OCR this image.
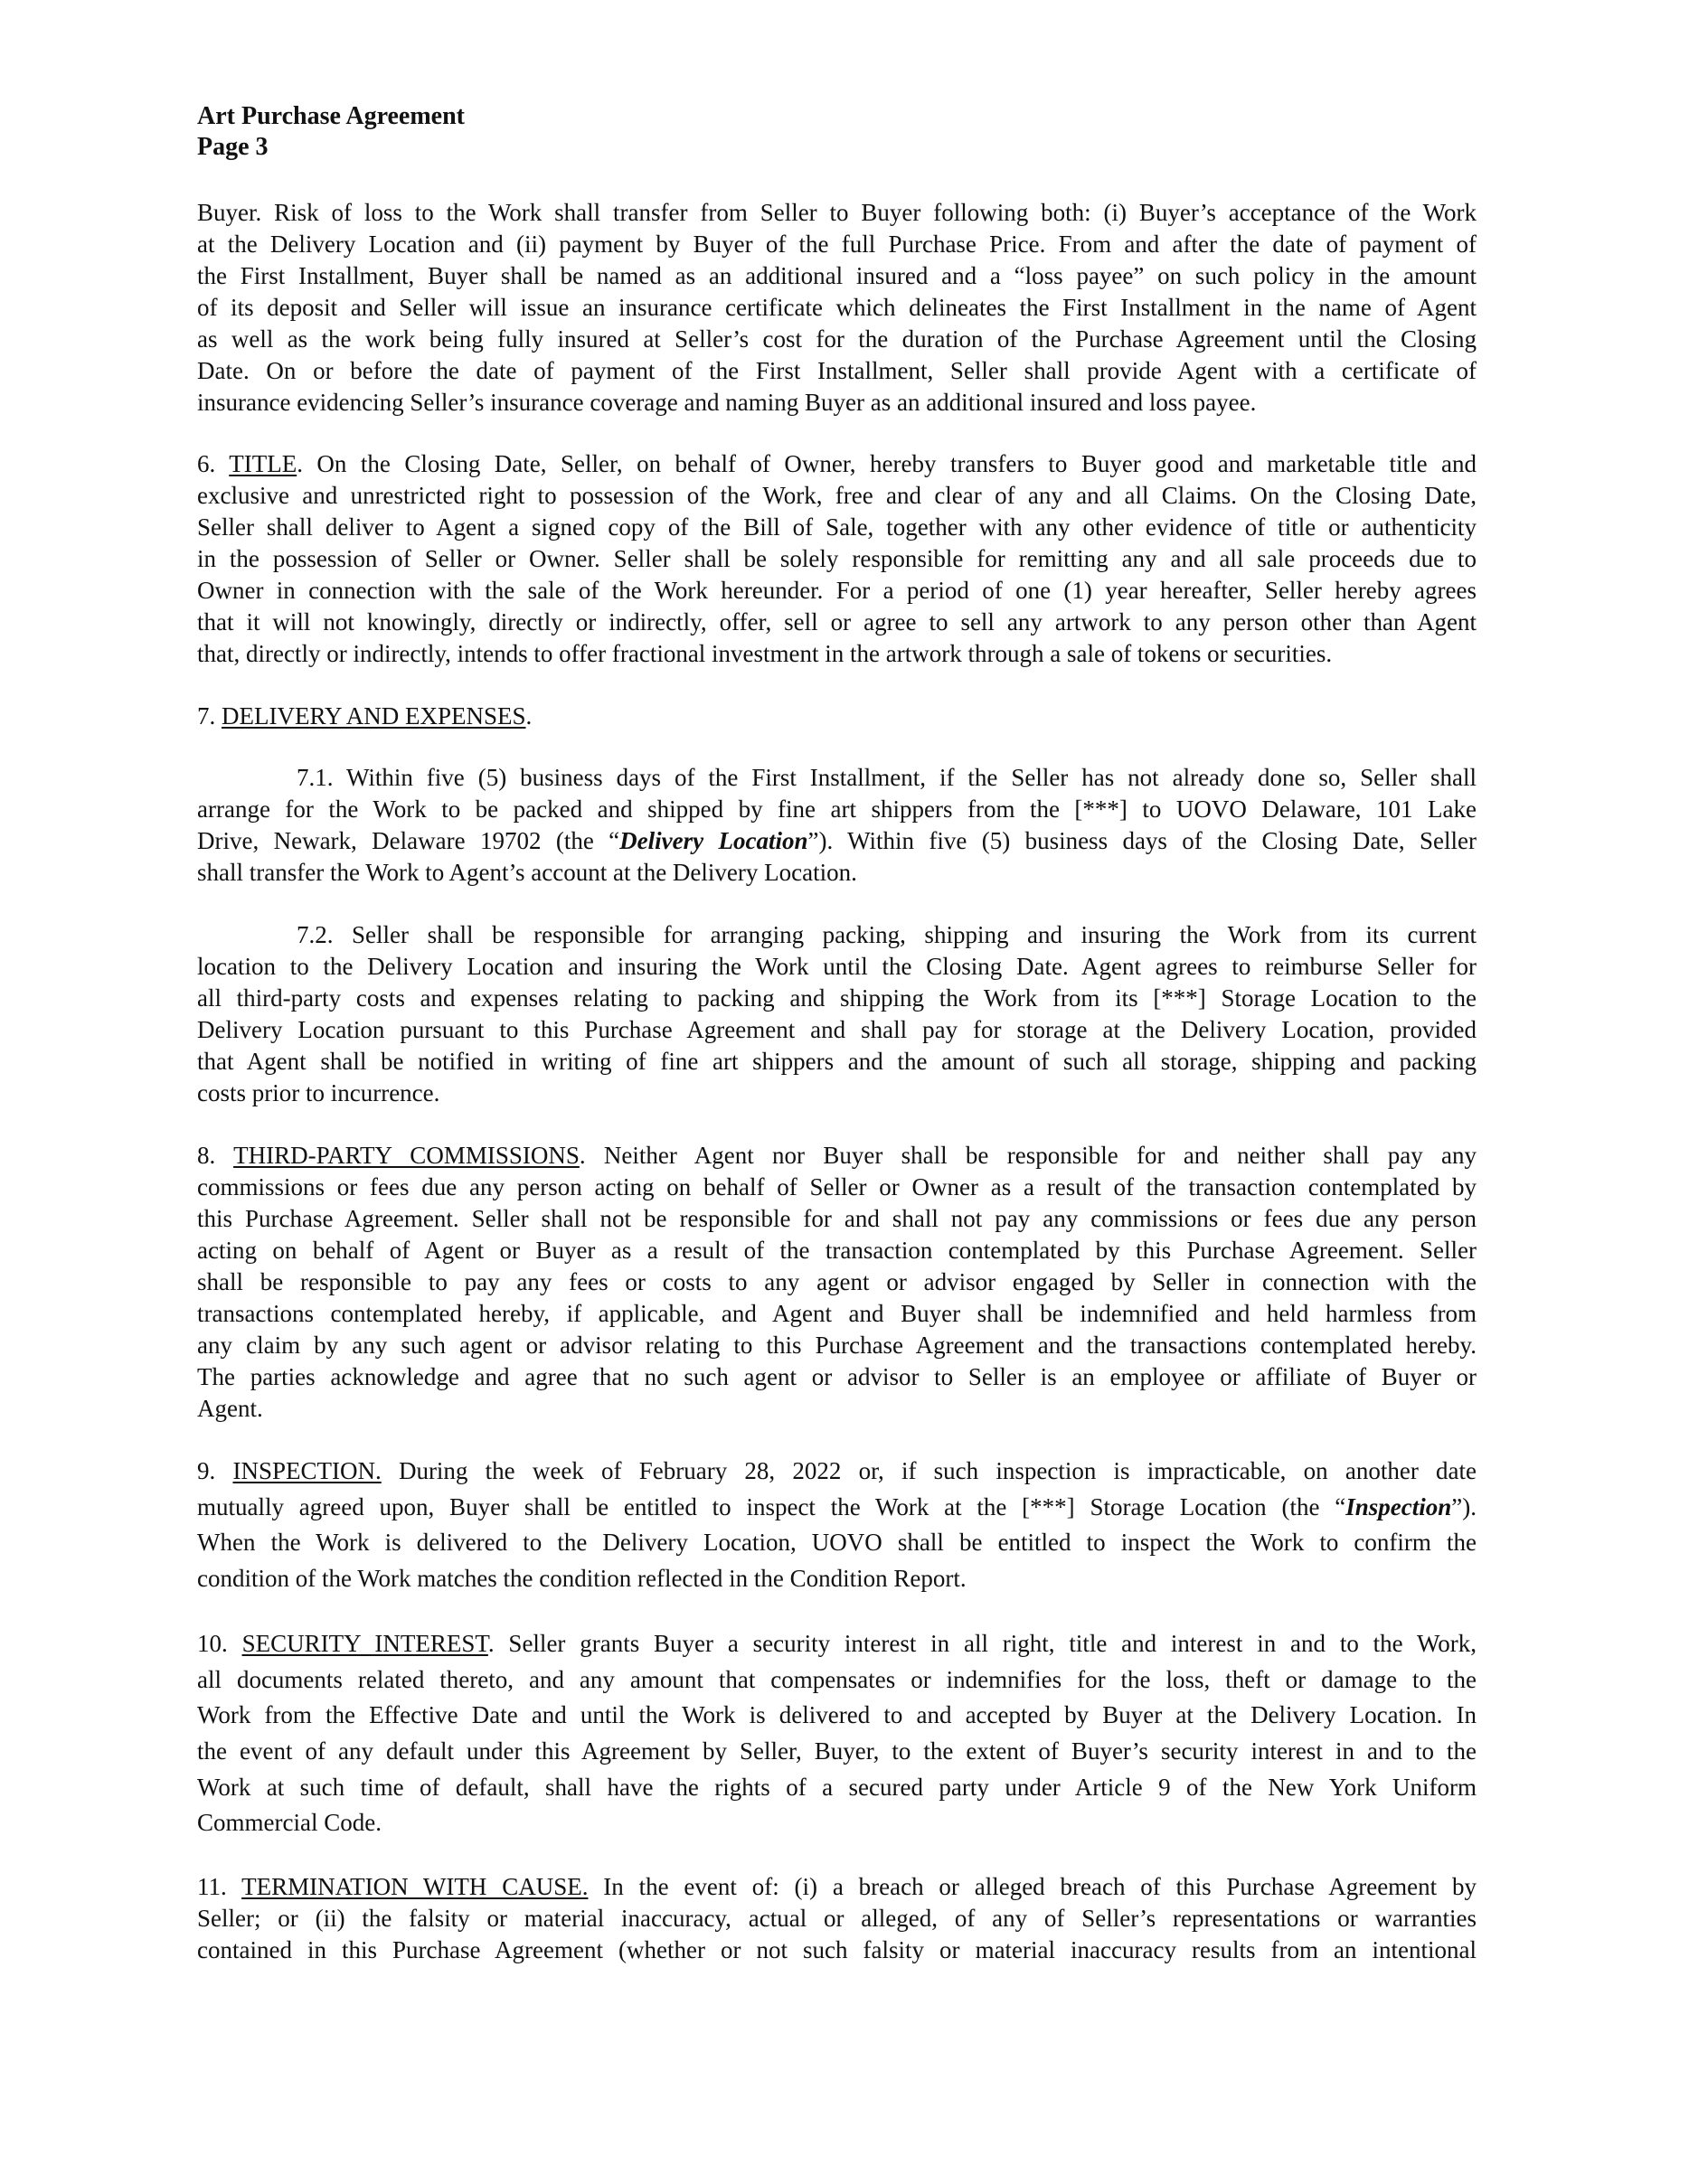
Art Purchase Agreement
Page 3
Buyer. Risk of loss to the Work shall transfer from Seller to Buyer following both: (i) Buyer’s acceptance of the Work
at the Delivery Location and (ii) payment by Buyer of the full Purchase Price. From and after the date of payment of
the First Installment, Buyer shall be named as an additional insured and a “loss payee” on such policy in the amount
of its deposit and Seller will issue an insurance certificate which delineates the First Installment in the name of Agent
as well as the work being fully insured at Seller’s cost for the duration of the Purchase Agreement until the Closing
Date. On or before the date of payment of the First Installment, Seller shall provide Agent with a certificate of
insurance evidencing Seller’s insurance coverage and naming Buyer as an additional insured and loss payee.
6. TITLE. On the Closing Date, Seller, on behalf of Owner, hereby transfers to Buyer good and marketable title and
exclusive and unrestricted right to possession of the Work, free and clear of any and all Claims. On the Closing Date,
Seller shall deliver to Agent a signed copy of the Bill of Sale, together with any other evidence of title or authenticity
in the possession of Seller or Owner. Seller shall be solely responsible for remitting any and all sale proceeds due to
Owner in connection with the sale of the Work hereunder. For a period of one (1) year hereafter, Seller hereby agrees
that it will not knowingly, directly or indirectly, offer, sell or agree to sell any artwork to any person other than Agent
that, directly or indirectly, intends to offer fractional investment in the artwork through a sale of tokens or securities.
7. DELIVERY AND EXPENSES.
7.1. Within five (5) business days of the First Installment, if the Seller has not already done so, Seller shall
arrange for the Work to be packed and shipped by fine art shippers from the [***] to UOVO Delaware, 101 Lake
Drive, Newark, Delaware 19702 (the “Delivery Location”). Within five (5) business days of the Closing Date, Seller
shall transfer the Work to Agent’s account at the Delivery Location.
7.2. Seller shall be responsible for arranging packing, shipping and insuring the Work from its current
location to the Delivery Location and insuring the Work until the Closing Date. Agent agrees to reimburse Seller for
all third-party costs and expenses relating to packing and shipping the Work from its [***] Storage Location to the
Delivery Location pursuant to this Purchase Agreement and shall pay for storage at the Delivery Location, provided
that Agent shall be notified in writing of fine art shippers and the amount of such all storage, shipping and packing
costs prior to incurrence.
8. THIRD-PARTY COMMISSIONS. Neither Agent nor Buyer shall be responsible for and neither shall pay any
commissions or fees due any person acting on behalf of Seller or Owner as a result of the transaction contemplated by
this Purchase Agreement. Seller shall not be responsible for and shall not pay any commissions or fees due any person
acting on behalf of Agent or Buyer as a result of the transaction contemplated by this Purchase Agreement. Seller
shall be responsible to pay any fees or costs to any agent or advisor engaged by Seller in connection with the
transactions contemplated hereby, if applicable, and Agent and Buyer shall be indemnified and held harmless from
any claim by any such agent or advisor relating to this Purchase Agreement and the transactions contemplated hereby.
The parties acknowledge and agree that no such agent or advisor to Seller is an employee or affiliate of Buyer or
Agent.
9. INSPECTION. During the week of February 28, 2022 or, if such inspection is impracticable, on another date
mutually agreed upon, Buyer shall be entitled to inspect the Work at the [***] Storage Location (the “Inspection”).
When the Work is delivered to the Delivery Location, UOVO shall be entitled to inspect the Work to confirm the
condition of the Work matches the condition reflected in the Condition Report.
10. SECURITY INTEREST. Seller grants Buyer a security interest in all right, title and interest in and to the Work,
all documents related thereto, and any amount that compensates or indemnifies for the loss, theft or damage to the
Work from the Effective Date and until the Work is delivered to and accepted by Buyer at the Delivery Location. In
the event of any default under this Agreement by Seller, Buyer, to the extent of Buyer’s security interest in and to the
Work at such time of default, shall have the rights of a secured party under Article 9 of the New York Uniform
Commercial Code.
11. TERMINATION WITH CAUSE. In the event of: (i) a breach or alleged breach of this Purchase Agreement by
Seller; or (ii) the falsity or material inaccuracy, actual or alleged, of any of Seller’s representations or warranties
contained in this Purchase Agreement (whether or not such falsity or material inaccuracy results from an intentional
